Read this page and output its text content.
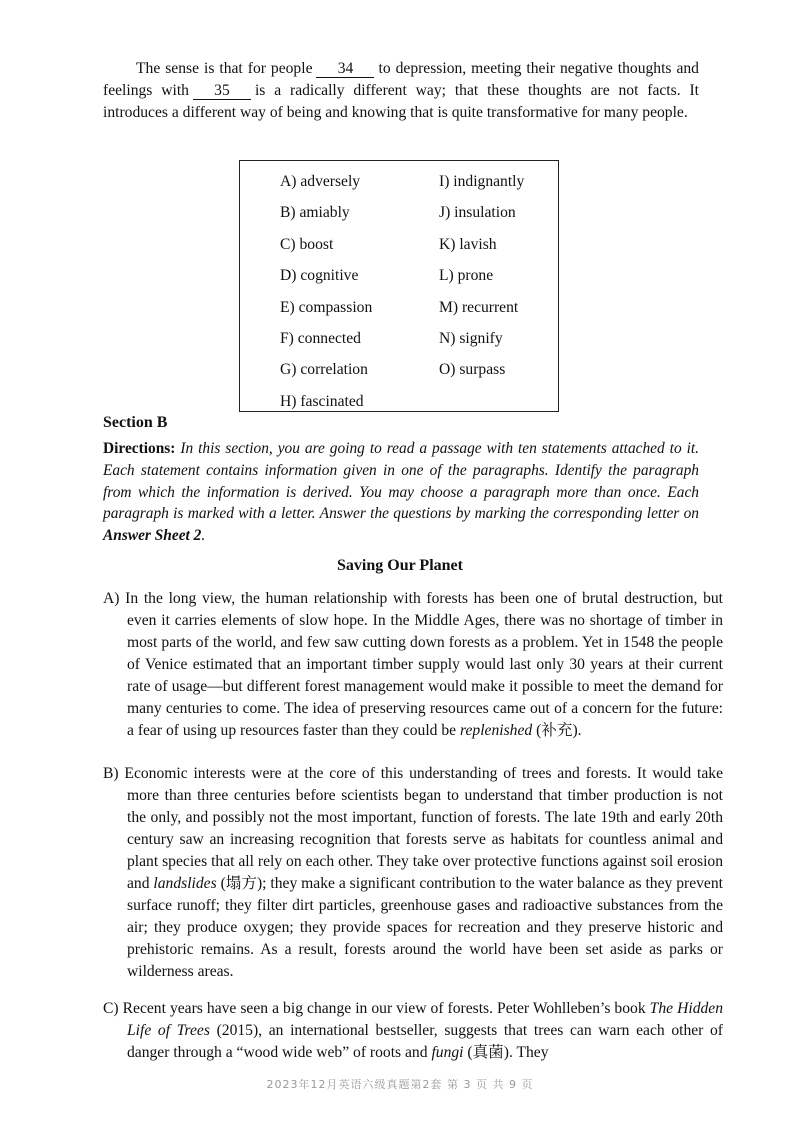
The sense is that for people 34 to depression, meeting their negative thoughts and feelings with 35 is a radically different way; that these thoughts are not facts. It introduces a different way of being and knowing that is quite transformative for many people.

A) adversely
B) amiably
C) boost
D) cognitive
E) compassion
F) connected
G) correlation
H) fascinated
I) indignantly
J) insulation
K) lavish
L) prone
M) recurrent
N) signify
O) surpass
Section B

Directions: In this section, you are going to read a passage with ten statements attached to it. Each statement contains information given in one of the paragraphs. Identify the paragraph from which the information is derived. You may choose a paragraph more than once. Each paragraph is marked with a letter. Answer the questions by marking the corresponding letter on Answer Sheet 2.

Saving Our Planet

A) In the long view, the human relationship with forests has been one of brutal destruction, but even it carries elements of slow hope. In the Middle Ages, there was no shortage of timber in most parts of the world, and few saw cutting down forests as a problem. Yet in 1548 the people of Venice estimated that an important timber supply would last only 30 years at their current rate of usage—but different forest management would make it possible to meet the demand for many centuries to come. The idea of preserving resources came out of a concern for the future: a fear of using up resources faster than they could be replenished (补充).

B) Economic interests were at the core of this understanding of trees and forests. It would take more than three centuries before scientists began to understand that timber production is not the only, and possibly not the most important, function of forests. The late 19th and early 20th century saw an increasing recognition that forests serve as habitats for countless animal and plant species that all rely on each other. They take over protective functions against soil erosion and landslides (塌方); they make a significant contribution to the water balance as they prevent surface runoff; they filter dirt particles, greenhouse gases and radioactive substances from the air; they produce oxygen; they provide spaces for recreation and they preserve historic and prehistoric remains. As a result, forests around the world have been set aside as parks or wilderness areas.

C) Recent years have seen a big change in our view of forests. Peter Wohlleben’s book The Hidden Life of Trees (2015), an international bestseller, suggests that trees can warn each other of danger through a “wood wide web” of roots and fungi (真菌). They

2023年12月英语六级真题第2套 第 3 页 共 9 页
